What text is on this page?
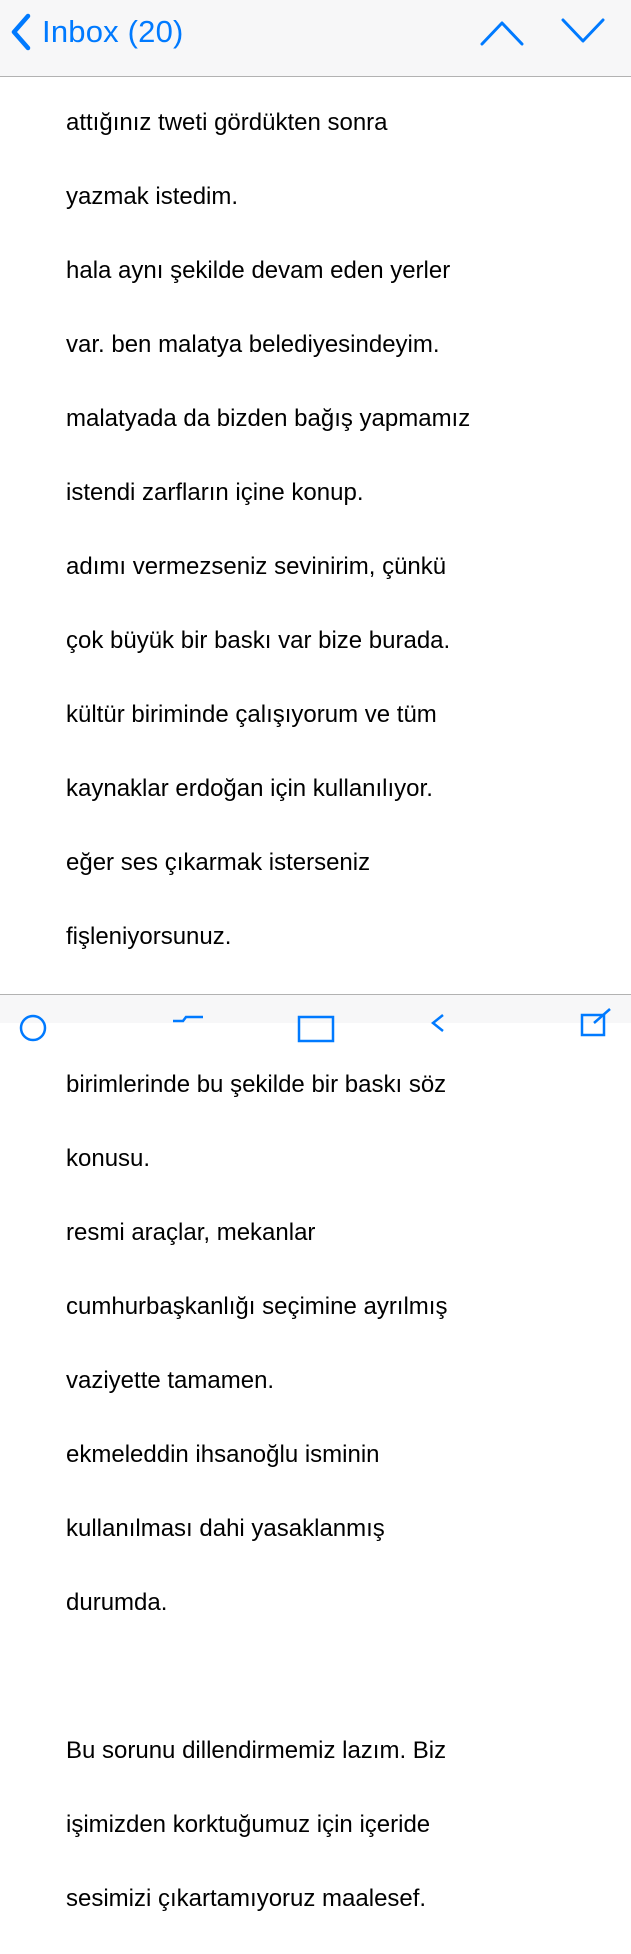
Inbox (20)

attığınız tweti gördükten sonra

yazmak istedim.

hala aynı şekilde devam eden yerler

var. ben malatya belediyesindeyim.

malatyada da bizden bağış yapmamız

istendi zarfların içine konup.

adımı vermezseniz sevinirim, çünkü

çok büyük bir baskı var bize burada.

kültür biriminde çalışıyorum ve tüm

kaynaklar erdoğan için kullanılıyor.

eğer ses çıkarmak isterseniz

fişleniyorsunuz.

birimlerinde bu şekilde bir baskı söz

konusu.

resmi araçlar, mekanlar

cumhurbaşkanlığı seçimine ayrılmış

vaziyette tamamen.

ekmeleddin ihsanoğlu isminin

kullanılması dahi yasaklanmış

durumda.

Bu sorunu dillendirmemiz lazım. Biz

işimizden korktuğumuz için içeride

sesimizi çıkartamıyoruz maalesef.
